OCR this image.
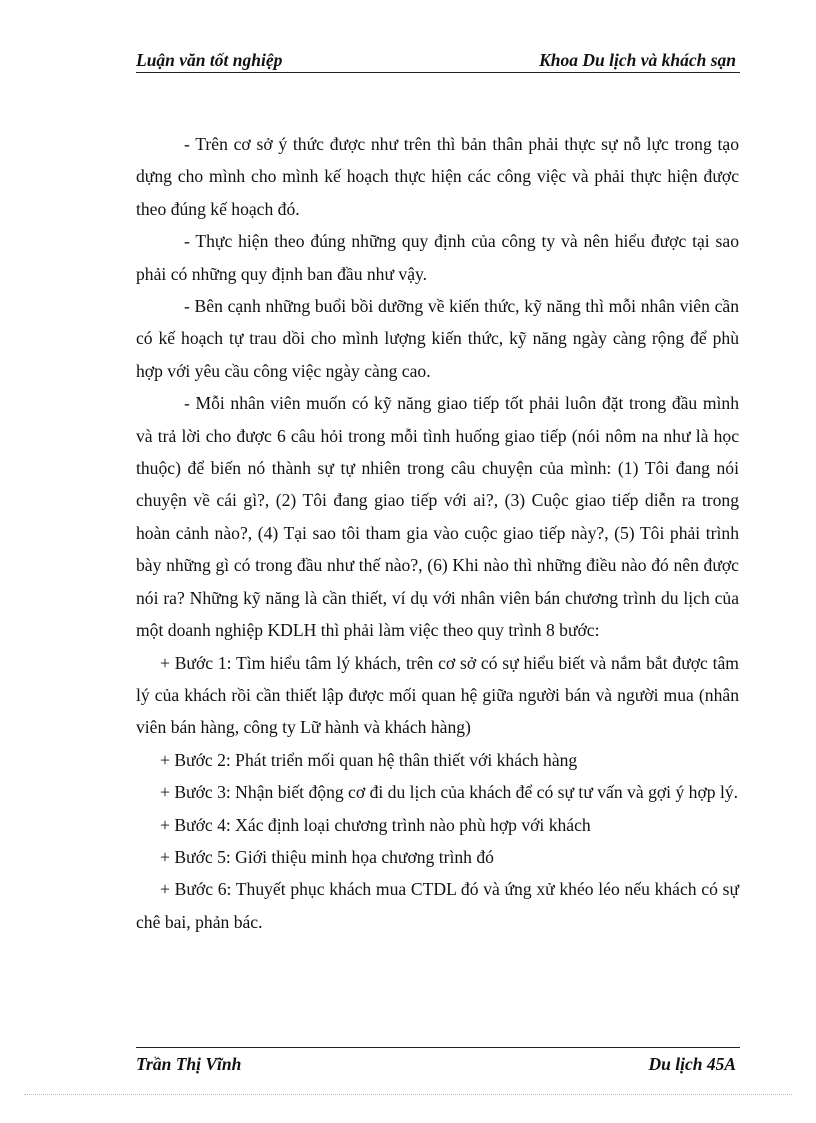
Luận văn tốt nghiệp	Khoa Du lịch và khách sạn

- Trên cơ sở ý thức được như trên thì bản thân phải thực sự nỗ lực trong tạo dựng cho mình cho mình kế hoạch thực hiện các công việc và phải thực hiện được theo đúng kế hoạch đó.

- Thực hiện theo đúng những quy định của công ty và nên hiểu được tại sao phải có những quy định ban đầu như vậy.

- Bên cạnh những buổi bồi dưỡng về kiến thức, kỹ năng thì mỗi nhân viên cần có kế hoạch tự trau dồi cho mình lượng kiến thức, kỹ năng ngày càng rộng để phù hợp với yêu cầu công việc ngày càng cao.

- Mỗi nhân viên muốn có kỹ năng giao tiếp tốt phải luôn đặt trong đầu mình và trả lời cho được 6 câu hỏi trong mỗi tình huống giao tiếp (nói nôm na như là học thuộc) để biến nó thành sự tự nhiên trong câu chuyện của mình: (1) Tôi đang nói chuyện về cái gì?, (2) Tôi đang giao tiếp với ai?, (3) Cuộc giao tiếp diễn ra trong hoàn cảnh nào?, (4) Tại sao tôi tham gia vào cuộc giao tiếp này?, (5) Tôi phải trình bày những gì có trong đầu như thế nào?, (6) Khi nào thì những điều nào đó nên được nói ra? Những kỹ năng là cần thiết, ví dụ với nhân viên bán chương trình du lịch của một doanh nghiệp KDLH thì phải làm việc theo quy trình 8 bước:

+ Bước 1: Tìm hiểu tâm lý khách, trên cơ sở có sự hiểu biết và nắm bắt được tâm lý của khách rồi cần thiết lập được mối quan hệ giữa người bán và người mua (nhân viên bán hàng, công ty Lữ hành và khách hàng)

+ Bước 2: Phát triển mối quan hệ thân thiết với khách hàng

+ Bước 3: Nhận biết động cơ đi du lịch của khách để có sự tư vấn và gợi ý hợp lý.

+ Bước 4: Xác định loại chương trình nào phù hợp với khách

+ Bước 5: Giới thiệu minh họa chương trình đó

+ Bước 6: Thuyết phục khách mua CTDL đó và ứng xử khéo léo nếu khách có sự chê bai, phản bác.

Trần Thị Vĩnh	Du lịch 45A
